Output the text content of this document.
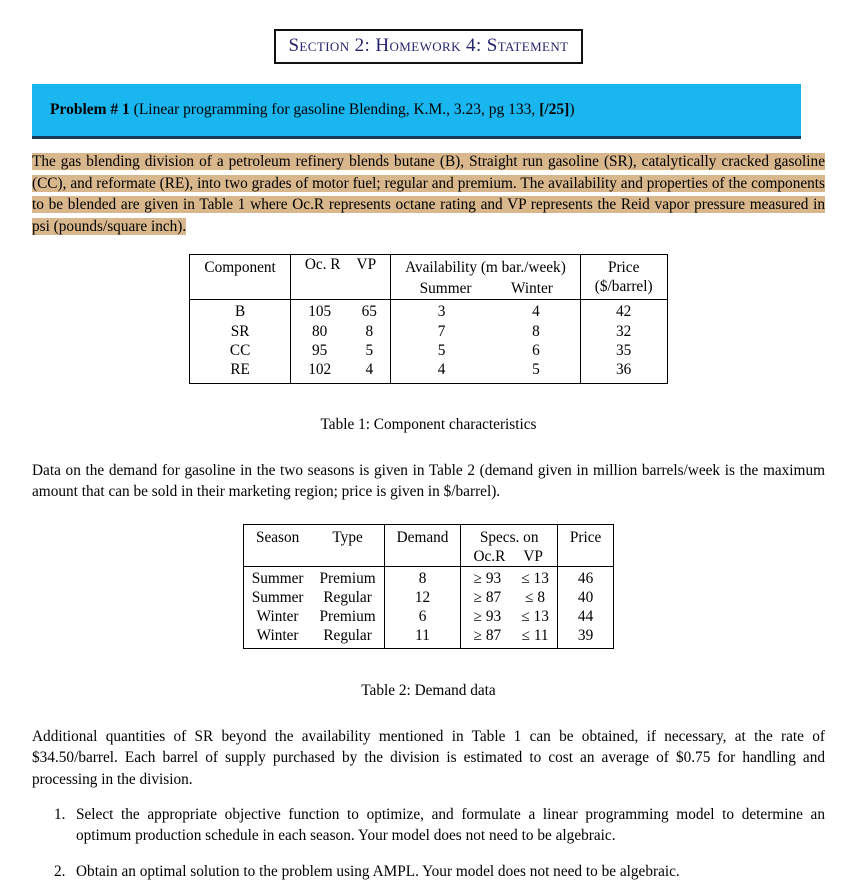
Section 2: Homework 4: Statement
Problem # 1 (Linear programming for gasoline Blending, K.M., 3.23, pg 133, [/25])
The gas blending division of a petroleum refinery blends butane (B), Straight run gasoline (SR), catalytically cracked gasoline (CC), and reformate (RE), into two grades of motor fuel; regular and premium. The availability and properties of the components to be blended are given in Table 1 where Oc.R represents octane rating and VP represents the Reid vapor pressure measured in psi (pounds/square inch).
Component	Oc. R	VP	Availability (m bar./week)		Price
($/barrel)

			Summer	Winter	
B	105	65	3	4	42
SR	80	8	7	8	32
CC	95	5	5	6	35
RE	102	4	4	5	36
Table 1: Component characteristics
Data on the demand for gasoline in the two seasons is given in Table 2 (demand given in million barrels/week is the maximum amount that can be sold in their marketing region; price is given in $/barrel).
Season	Type	Demand	Specs. on		Price
			Oc.R	VP	
Summer	Premium	8	≥ 93	≤ 13	46
Summer	Regular	12	≥ 87	≤ 8	40
Winter	Premium	6	≥ 93	≤ 13	44
Winter	Regular	11	≥ 87	≤ 11	39
Table 2: Demand data
Additional quantities of SR beyond the availability mentioned in Table 1 can be obtained, if necessary, at the rate of $34.50/barrel. Each barrel of supply purchased by the division is estimated to cost an average of $0.75 for handling and processing in the division.
Select the appropriate objective function to optimize, and formulate a linear programming model to determine an optimum production schedule in each season. Your model does not need to be algebraic.
Obtain an optimal solution to the problem using AMPL. Your model does not need to be algebraic.
